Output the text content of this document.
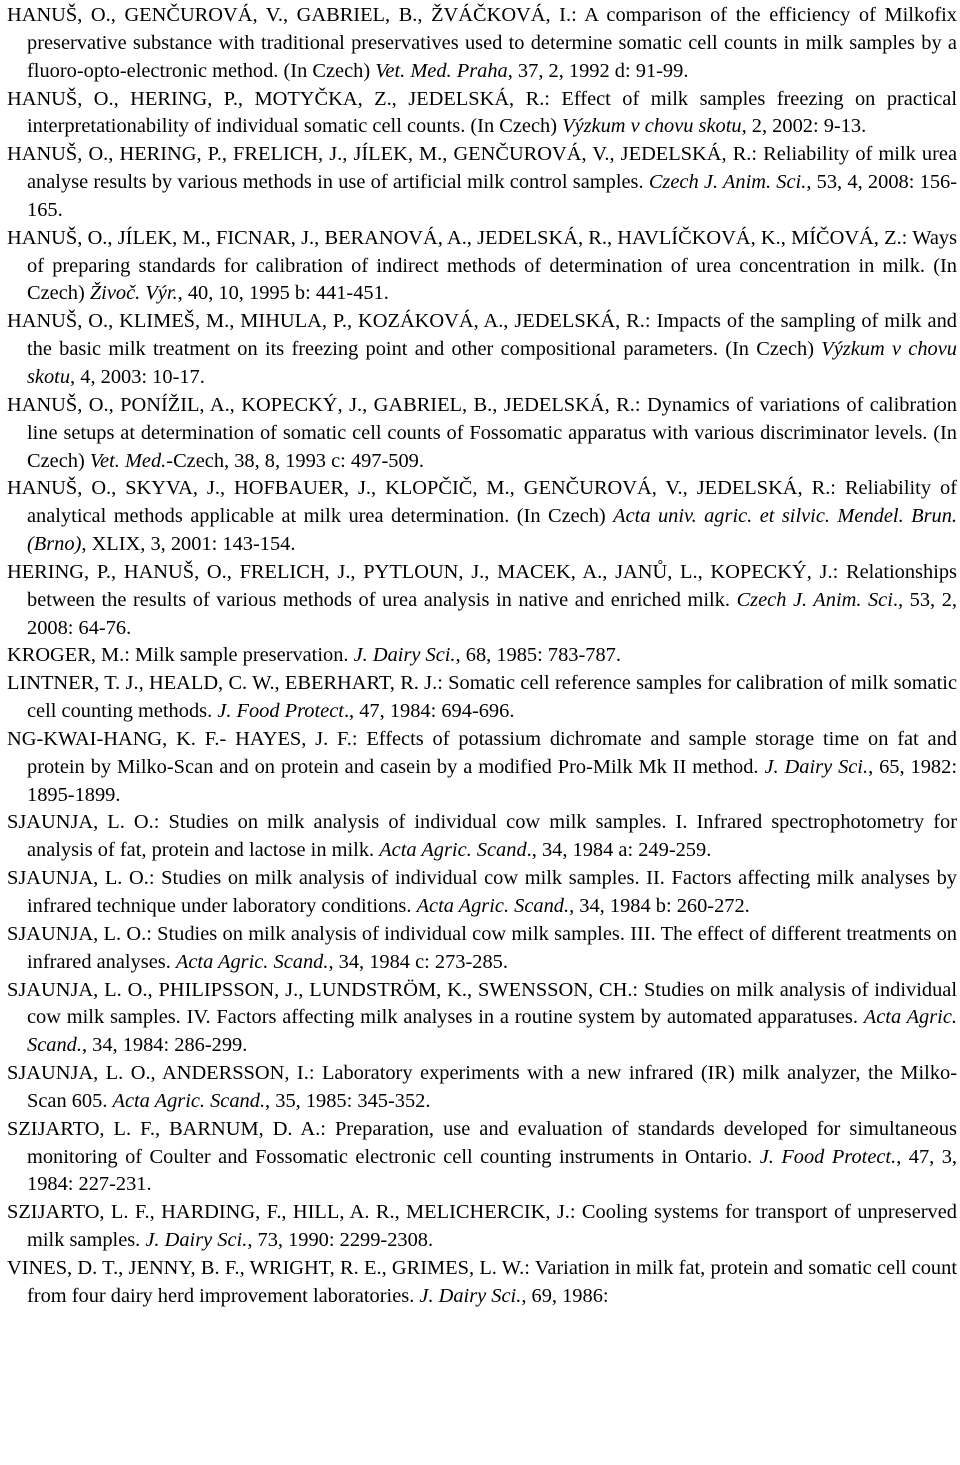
HANUŠ, O., GENČUROVÁ, V., GABRIEL, B., ŽVÁČKOVÁ, I.: A comparison of the efficiency of Milkofix preservative substance with traditional preservatives used to determine somatic cell counts in milk samples by a fluoro-opto-electronic method. (In Czech) Vet. Med. Praha, 37, 2, 1992 d: 91-99.

HANUŠ, O., HERING, P., MOTYČKA, Z., JEDELSKÁ, R.: Effect of milk samples freezing on practical interpretationability of individual somatic cell counts. (In Czech) Výzkum v chovu skotu, 2, 2002: 9-13.

HANUŠ, O., HERING, P., FRELICH, J., JÍLEK, M., GENČUROVÁ, V., JEDELSKÁ, R.: Reliability of milk urea analyse results by various methods in use of artificial milk control samples. Czech J. Anim. Sci., 53, 4, 2008: 156-165.

HANUŠ, O., JÍLEK, M., FICNAR, J., BERANOVÁ, A., JEDELSKÁ, R., HAVLÍČKOVÁ, K., MÍČOVÁ, Z.: Ways of preparing standards for calibration of indirect methods of determination of urea concentration in milk. (In Czech) Živoč. Výr., 40, 10, 1995 b: 441-451.

HANUŠ, O., KLIMEŠ, M., MIHULA, P., KOZÁKOVÁ, A., JEDELSKÁ, R.: Impacts of the sampling of milk and the basic milk treatment on its freezing point and other compositional parameters. (In Czech) Výzkum v chovu skotu, 4, 2003: 10-17.

HANUŠ, O., PONÍŽIL, A., KOPECKÝ, J., GABRIEL, B., JEDELSKÁ, R.: Dynamics of variations of calibration line setups at determination of somatic cell counts of Fossomatic apparatus with various discriminator levels. (In Czech) Vet. Med.-Czech, 38, 8, 1993 c: 497-509.

HANUŠ, O., SKYVA, J., HOFBAUER, J., KLOPČIČ, M., GENČUROVÁ, V., JEDELSKÁ, R.: Reliability of analytical methods applicable at milk urea determination. (In Czech) Acta univ. agric. et silvic. Mendel. Brun. (Brno), XLIX, 3, 2001: 143-154.

HERING, P., HANUŠ, O., FRELICH, J., PYTLOUN, J., MACEK, A., JANŮ, L., KOPECKÝ, J.: Relationships between the results of various methods of urea analysis in native and enriched milk. Czech J. Anim. Sci., 53, 2, 2008: 64-76.

KROGER, M.: Milk sample preservation. J. Dairy Sci., 68, 1985: 783-787.

LINTNER, T. J., HEALD, C. W., EBERHART, R. J.: Somatic cell reference samples for calibration of milk somatic cell counting methods. J. Food Protect., 47, 1984: 694-696.

NG-KWAI-HANG, K. F.- HAYES, J. F.: Effects of potassium dichromate and sample storage time on fat and protein by Milko-Scan and on protein and casein by a modified Pro-Milk Mk II method. J. Dairy Sci., 65, 1982: 1895-1899.

SJAUNJA, L. O.: Studies on milk analysis of individual cow milk samples. I. Infrared spectrophotometry for analysis of fat, protein and lactose in milk. Acta Agric. Scand., 34, 1984 a: 249-259.

SJAUNJA, L. O.: Studies on milk analysis of individual cow milk samples. II. Factors affecting milk analyses by infrared technique under laboratory conditions. Acta Agric. Scand., 34, 1984 b: 260-272.

SJAUNJA, L. O.: Studies on milk analysis of individual cow milk samples. III. The effect of different treatments on infrared analyses. Acta Agric. Scand., 34, 1984 c: 273-285.

SJAUNJA, L. O., PHILIPSSON, J., LUNDSTRÖM, K., SWENSSON, CH.: Studies on milk analysis of individual cow milk samples. IV. Factors affecting milk analyses in a routine system by automated apparatuses. Acta Agric. Scand., 34, 1984: 286-299.

SJAUNJA, L. O., ANDERSSON, I.: Laboratory experiments with a new infrared (IR) milk analyzer, the Milko-Scan 605. Acta Agric. Scand., 35, 1985: 345-352.

SZIJARTO, L. F., BARNUM, D. A.: Preparation, use and evaluation of standards developed for simultaneous monitoring of Coulter and Fossomatic electronic cell counting instruments in Ontario. J. Food Protect., 47, 3, 1984: 227-231.

SZIJARTO, L. F., HARDING, F., HILL, A. R., MELICHERCIK, J.: Cooling systems for transport of unpreserved milk samples. J. Dairy Sci., 73, 1990: 2299-2308.

VINES, D. T., JENNY, B. F., WRIGHT, R. E., GRIMES, L. W.: Variation in milk fat, protein and somatic cell count from four dairy herd improvement laboratories. J. Dairy Sci., 69, 1986:
